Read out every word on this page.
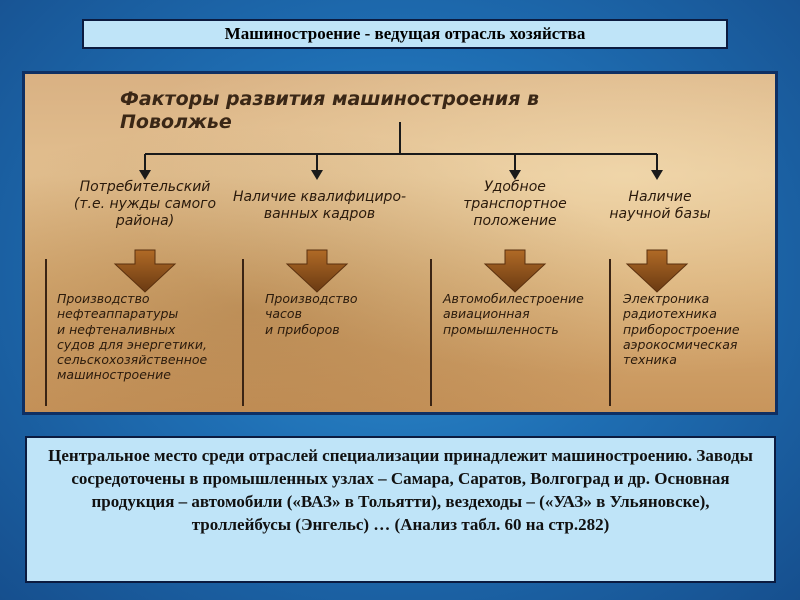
Машиностроение - ведущая отрасль хозяйства
Факторы развития машиностроения в Поволжье
Потребительский
(т.е. нужды самого
района)
Наличие квалифициро-
ванных кадров
Удобное
транспортное
положение
Наличие
научной базы
Производство
нефтеаппаратуры
и нефтеналивных
судов для энергетики,
сельскохозяйственное
машиностроение
Производство
часов
и приборов
Автомобилестроение
авиационная
промышленность
Электроника
радиотехника
приборостроение
аэрокосмическая
техника
Центральное место среди отраслей специализации принадлежит машиностроению. Заводы сосредоточены в промышленных узлах – Самара, Саратов, Волгоград и др. Основная продукция – автомобили («ВАЗ» в Тольятти), вездеходы – («УАЗ» в Ульяновске), троллейбусы (Энгельс) … (Анализ табл. 60 на стр.282)
